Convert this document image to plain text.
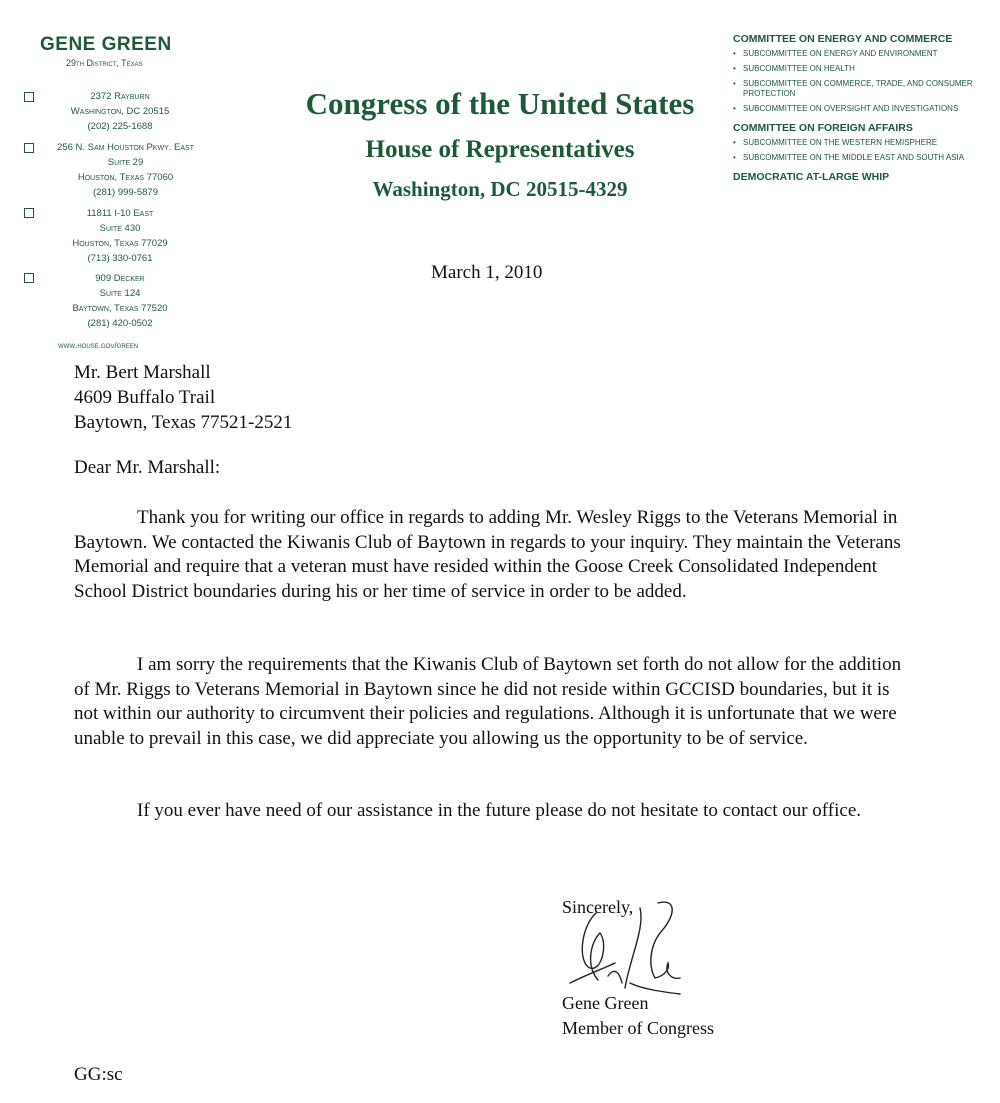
GENE GREEN
29th District, Texas
2372 Rayburn
Washington, DC 20515
(202) 225-1688
256 N. Sam Houston Pkwy. East
Suite 29
Houston, Texas 77060
(281) 999-5879
11811 I-10 East
Suite 430
Houston, Texas 77029
(713) 330-0761
909 Decker
Suite 124
Baytown, Texas 77520
(281) 420-0502
www.house.gov/green
Congress of the United States
House of Representatives
Washington, DC 20515-4329
COMMITTEE ON ENERGY AND COMMERCE
• SUBCOMMITTEE ON ENERGY AND ENVIRONMENT
• SUBCOMMITTEE ON HEALTH
• SUBCOMMITTEE ON COMMERCE, TRADE, AND CONSUMER PROTECTION
• SUBCOMMITTEE ON OVERSIGHT AND INVESTIGATIONS
COMMITTEE ON FOREIGN AFFAIRS
• SUBCOMMITTEE ON THE WESTERN HEMISPHERE
• SUBCOMMITTEE ON THE MIDDLE EAST AND SOUTH ASIA
DEMOCRATIC AT-LARGE WHIP
March 1, 2010
Mr. Bert Marshall
4609 Buffalo Trail
Baytown, Texas 77521-2521
Dear Mr. Marshall:
Thank you for writing our office in regards to adding Mr. Wesley Riggs to the Veterans Memorial in Baytown. We contacted the Kiwanis Club of Baytown in regards to your inquiry. They maintain the Veterans Memorial and require that a veteran must have resided within the Goose Creek Consolidated Independent School District boundaries during his or her time of service in order to be added.
I am sorry the requirements that the Kiwanis Club of Baytown set forth do not allow for the addition of Mr. Riggs to Veterans Memorial in Baytown since he did not reside within GCCISD boundaries, but it is not within our authority to circumvent their policies and regulations. Although it is unfortunate that we were unable to prevail in this case, we did appreciate you allowing us the opportunity to be of service.
If you ever have need of our assistance in the future please do not hesitate to contact our office.
Sincerely,
Gene Green
Member of Congress
GG:sc
